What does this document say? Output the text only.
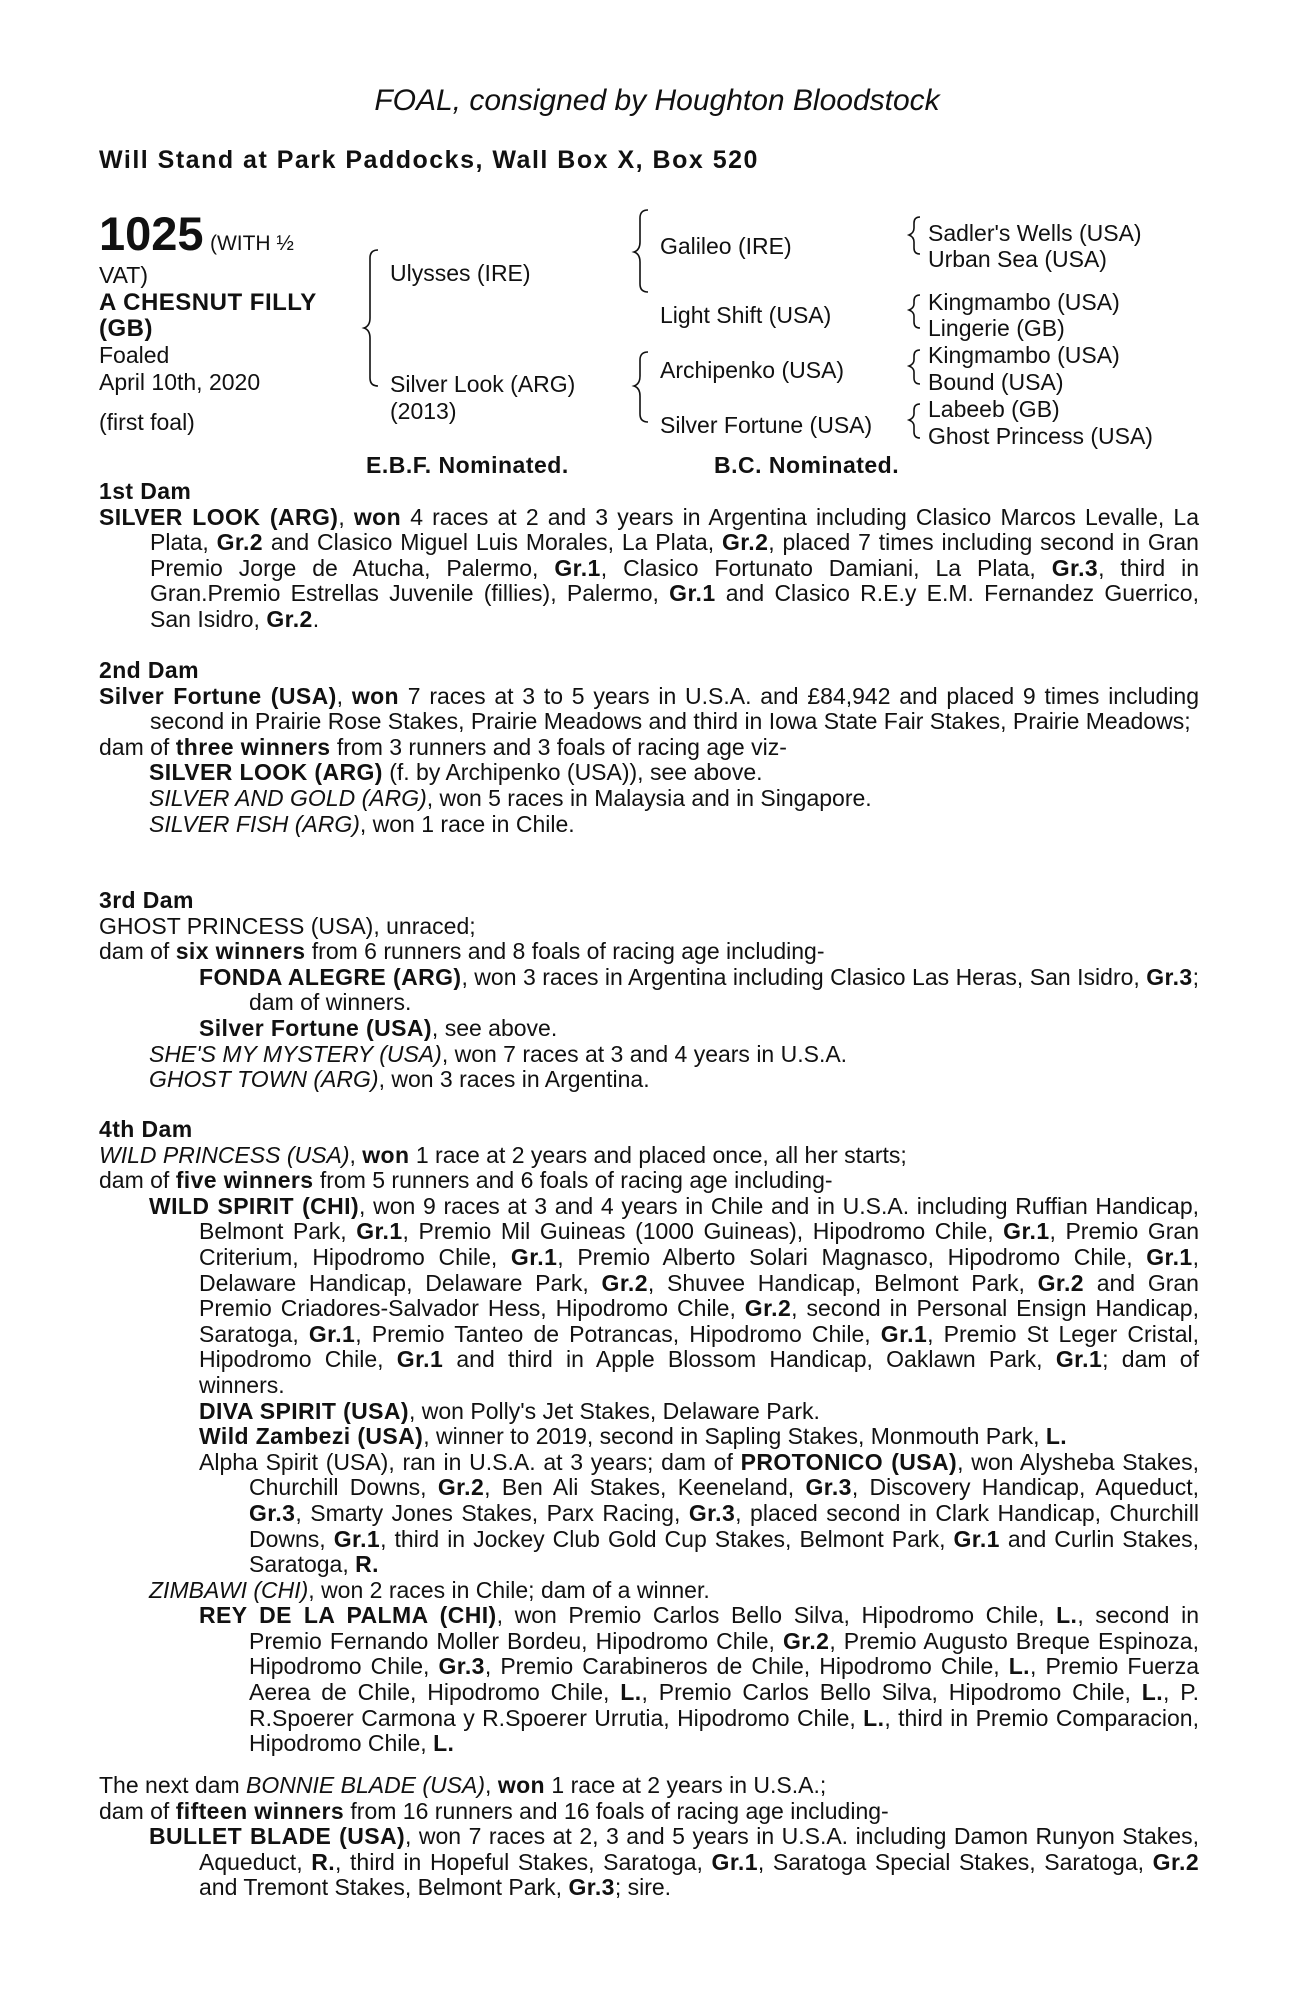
FOAL, consigned by Houghton Bloodstock
Will Stand at Park Paddocks, Wall Box X, Box 520
1025 (WITH ½
VAT)
A CHESNUT FILLY
(GB)
Foaled
April 10th, 2020
(first foal)
Ulysses (IRE)
Silver Look (ARG)
(2013)
Galileo (IRE)
Light Shift (USA)
Archipenko (USA)
Silver Fortune (USA)
Sadler's Wells (USA)
Urban Sea (USA)
Kingmambo (USA)
Lingerie (GB)
Kingmambo (USA)
Bound (USA)
Labeeb (GB)
Ghost Princess (USA)
E.B.F. Nominated.	B.C. Nominated.
1st Dam

SILVER LOOK (ARG), won 4 races at 2 and 3 years in Argentina including Clasico Marcos Levalle, La Plata, Gr.2 and Clasico Miguel Luis Morales, La Plata, Gr.2, placed 7 times including second in Gran Premio Jorge de Atucha, Palermo, Gr.1, Clasico Fortunato Damiani, La Plata, Gr.3, third in Gran.Premio Estrellas Juvenile (fillies), Palermo, Gr.1 and Clasico R.E.y E.M. Fernandez Guerrico, San Isidro, Gr.2.

2nd Dam

Silver Fortune (USA), won 7 races at 3 to 5 years in U.S.A. and £84,942 and placed 9 times including second in Prairie Rose Stakes, Prairie Meadows and third in Iowa State Fair Stakes, Prairie Meadows;

dam of three winners from 3 runners and 3 foals of racing age viz-

SILVER LOOK (ARG) (f. by Archipenko (USA)), see above.

SILVER AND GOLD (ARG), won 5 races in Malaysia and in Singapore.

SILVER FISH (ARG), won 1 race in Chile.

3rd Dam

GHOST PRINCESS (USA), unraced;

dam of six winners from 6 runners and 8 foals of racing age including-

FONDA ALEGRE (ARG), won 3 races in Argentina including Clasico Las Heras, San Isidro, Gr.3; dam of winners.

Silver Fortune (USA), see above.

SHE'S MY MYSTERY (USA), won 7 races at 3 and 4 years in U.S.A.

GHOST TOWN (ARG), won 3 races in Argentina.

4th Dam

WILD PRINCESS (USA), won 1 race at 2 years and placed once, all her starts;

dam of five winners from 5 runners and 6 foals of racing age including-

WILD SPIRIT (CHI), won 9 races at 3 and 4 years in Chile and in U.S.A. including Ruffian Handicap, Belmont Park, Gr.1, Premio Mil Guineas (1000 Guineas), Hipodromo Chile, Gr.1, Premio Gran Criterium, Hipodromo Chile, Gr.1, Premio Alberto Solari Magnasco, Hipodromo Chile, Gr.1, Delaware Handicap, Delaware Park, Gr.2, Shuvee Handicap, Belmont Park, Gr.2 and Gran Premio Criadores-Salvador Hess, Hipodromo Chile, Gr.2, second in Personal Ensign Handicap, Saratoga, Gr.1, Premio Tanteo de Potrancas, Hipodromo Chile, Gr.1, Premio St Leger Cristal, Hipodromo Chile, Gr.1 and third in Apple Blossom Handicap, Oaklawn Park, Gr.1; dam of winners.

DIVA SPIRIT (USA), won Polly's Jet Stakes, Delaware Park.

Wild Zambezi (USA), winner to 2019, second in Sapling Stakes, Monmouth Park, L.

Alpha Spirit (USA), ran in U.S.A. at 3 years; dam of PROTONICO (USA), won Alysheba Stakes, Churchill Downs, Gr.2, Ben Ali Stakes, Keeneland, Gr.3, Discovery Handicap, Aqueduct, Gr.3, Smarty Jones Stakes, Parx Racing, Gr.3, placed second in Clark Handicap, Churchill Downs, Gr.1, third in Jockey Club Gold Cup Stakes, Belmont Park, Gr.1 and Curlin Stakes, Saratoga, R.

ZIMBAWI (CHI), won 2 races in Chile; dam of a winner.

REY DE LA PALMA (CHI), won Premio Carlos Bello Silva, Hipodromo Chile, L., second in Premio Fernando Moller Bordeu, Hipodromo Chile, Gr.2, Premio Augusto Breque Espinoza, Hipodromo Chile, Gr.3, Premio Carabineros de Chile, Hipodromo Chile, L., Premio Fuerza Aerea de Chile, Hipodromo Chile, L., Premio Carlos Bello Silva, Hipodromo Chile, L., P. R.Spoerer Carmona y R.Spoerer Urrutia, Hipodromo Chile, L., third in Premio Comparacion, Hipodromo Chile, L.

The next dam BONNIE BLADE (USA), won 1 race at 2 years in U.S.A.;

dam of fifteen winners from 16 runners and 16 foals of racing age including-

BULLET BLADE (USA), won 7 races at 2, 3 and 5 years in U.S.A. including Damon Runyon Stakes, Aqueduct, R., third in Hopeful Stakes, Saratoga, Gr.1, Saratoga Special Stakes, Saratoga, Gr.2 and Tremont Stakes, Belmont Park, Gr.3; sire.
